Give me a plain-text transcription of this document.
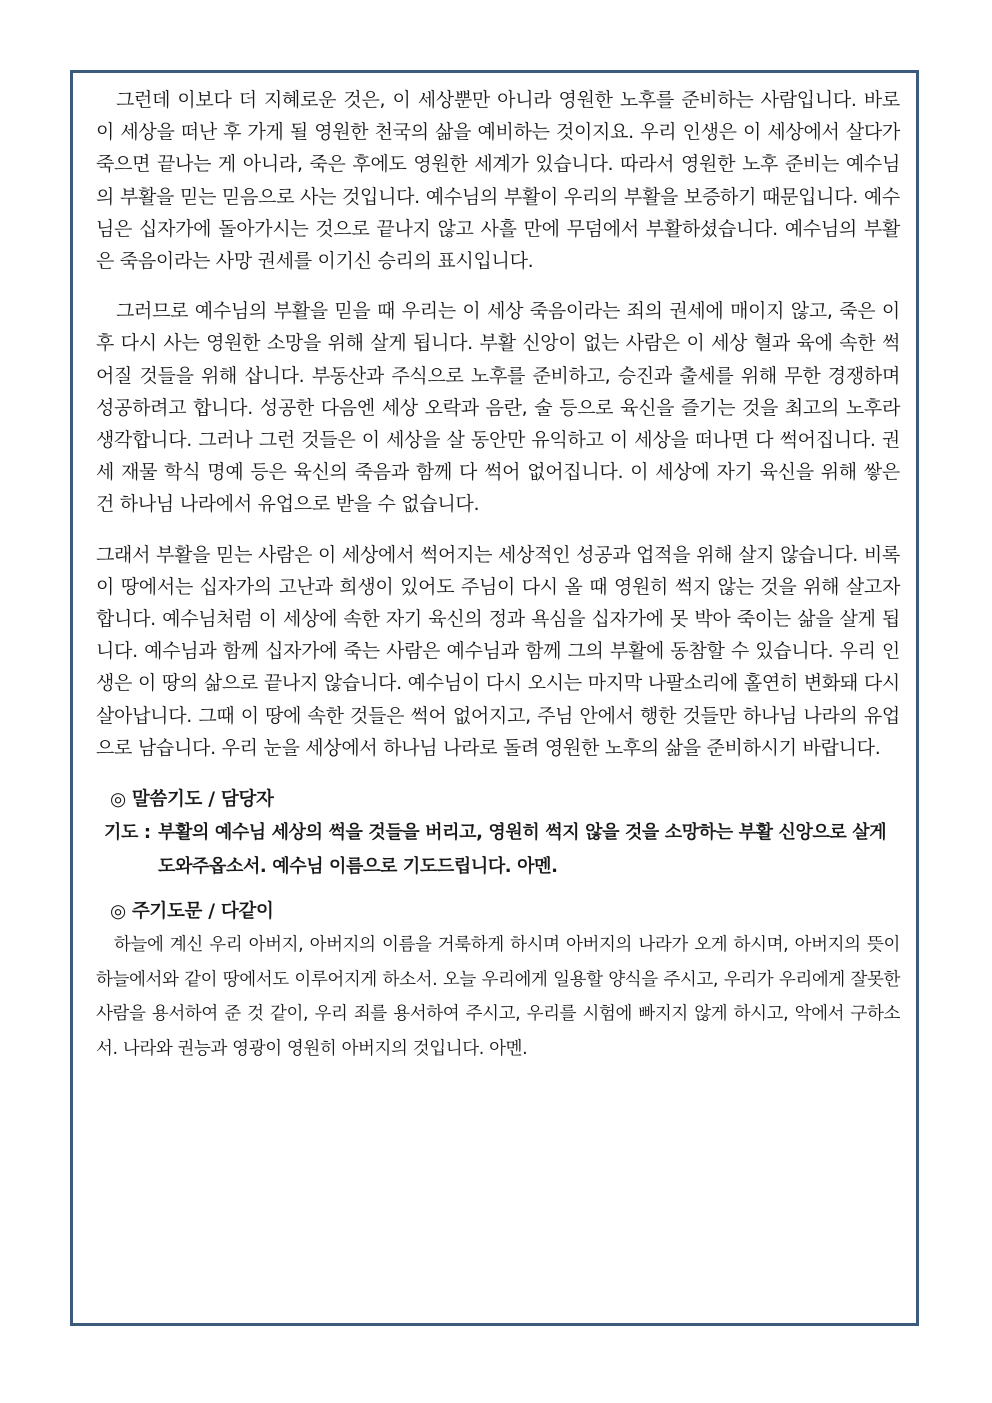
그런데 이보다 더 지혜로운 것은, 이 세상뿐만 아니라 영원한 노후를 준비하는 사람입니다. 바로 이 세상을 떠난 후 가게 될 영원한 천국의 삶을 예비하는 것이지요. 우리 인생은 이 세상에서 살다가 죽으면 끝나는 게 아니라, 죽은 후에도 영원한 세계가 있습니다. 따라서 영원한 노후 준비는 예수님의 부활을 믿는 믿음으로 사는 것입니다. 예수님의 부활이 우리의 부활을 보증하기 때문입니다. 예수님은 십자가에 돌아가시는 것으로 끝나지 않고 사흘 만에 무덤에서 부활하셨습니다. 예수님의 부활은 죽음이라는 사망 권세를 이기신 승리의 표시입니다.

그러므로 예수님의 부활을 믿을 때 우리는 이 세상 죽음이라는 죄의 권세에 매이지 않고, 죽은 이후 다시 사는 영원한 소망을 위해 살게 됩니다. 부활 신앙이 없는 사람은 이 세상 혈과 육에 속한 썩어질 것들을 위해 삽니다. 부동산과 주식으로 노후를 준비하고, 승진과 출세를 위해 무한 경쟁하며 성공하려고 합니다. 성공한 다음엔 세상 오락과 음란, 술 등으로 육신을 즐기는 것을 최고의 노후라 생각합니다. 그러나 그런 것들은 이 세상을 살 동안만 유익하고 이 세상을 떠나면 다 썩어집니다. 권세 재물 학식 명예 등은 육신의 죽음과 함께 다 썩어 없어집니다. 이 세상에 자기 육신을 위해 쌓은 건 하나님 나라에서 유업으로 받을 수 없습니다.

그래서 부활을 믿는 사람은 이 세상에서 썩어지는 세상적인 성공과 업적을 위해 살지 않습니다. 비록 이 땅에서는 십자가의 고난과 희생이 있어도 주님이 다시 올 때 영원히 썩지 않는 것을 위해 살고자 합니다. 예수님처럼 이 세상에 속한 자기 육신의 정과 욕심을 십자가에 못 박아 죽이는 삶을 살게 됩니다. 예수님과 함께 십자가에 죽는 사람은 예수님과 함께 그의 부활에 동참할 수 있습니다. 우리 인생은 이 땅의 삶으로 끝나지 않습니다. 예수님이 다시 오시는 마지막 나팔소리에 홀연히 변화돼 다시 살아납니다. 그때 이 땅에 속한 것들은 썩어 없어지고, 주님 안에서 행한 것들만 하나님 나라의 유업으로 남습니다. 우리 눈을 세상에서 하나님 나라로 돌려 영원한 노후의 삶을 준비하시기 바랍니다.

◎ 말씀기도 / 담당자

기도 : 부활의 예수님 세상의 썩을 것들을 버리고, 영원히 썩지 않을 것을 소망하는 부활 신앙으로 살게 도와주옵소서. 예수님 이름으로 기도드립니다. 아멘.

◎ 주기도문 / 다같이

하늘에 계신 우리 아버지, 아버지의 이름을 거룩하게 하시며 아버지의 나라가 오게 하시며, 아버지의 뜻이 하늘에서와 같이 땅에서도 이루어지게 하소서. 오늘 우리에게 일용할 양식을 주시고, 우리가 우리에게 잘못한 사람을 용서하여 준 것 같이, 우리 죄를 용서하여 주시고, 우리를 시험에 빠지지 않게 하시고, 악에서 구하소서. 나라와 권능과 영광이 영원히 아버지의 것입니다. 아멘.
